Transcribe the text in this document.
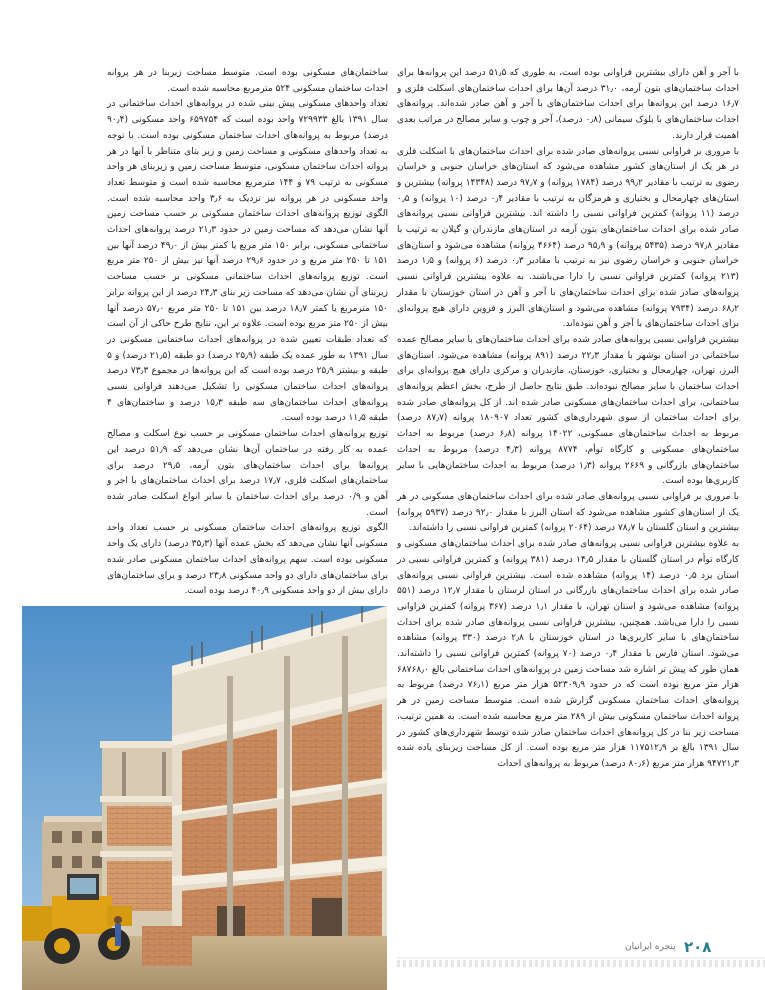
با آجر و آهن دارای بیشترین فراوانی بوده است، به طوری که ۵۱٫۵ درصد این پروانه‌ها برای احداث ساختمان‌های بتون آرمه، ۳۱٫۰ درصد آن‌ها برای احداث ساختمان‌های اسکلت فلزی و ۱۶٫۷ درصد این پروانه‌ها برای احداث ساختمان‌های با آجر و آهن صادر شده‌اند. پروانه‌های احداث ساختمان‌های با بلوک سیمانی (۰٫۸ درصد)، آجر و چوب و سایر مصالح در مراتب بعدی اهمیت قرار دارند.

با مروری بر فراوانی نسبی پروانه‌های صادر شده برای احداث ساختمان‌های با اسکلت فلزی در هر یک از استان‌های کشور مشاهده می‌شود که استان‌های خراسان جنوبی و خراسان رضوی به ترتیب با مقادیر ۹۹٫۲ درصد (۱۷۸۴ پروانه) و ۹۷٫۷ درصد (۱۴۳۴۸ پروانه) بیشترین و استان‌های چهارمحال و بختیاری و هرمزگان به ترتیب با مقادیر ۰٫۴ درصد (۱۰ پروانه) و ۰٫۵ درصد (۱۱ پروانه) کمترین فراوانی نسبی را داشته اند. بیشترین فراوانی نسبی پروانه‌های صادر شده برای احداث ساختمان‌های بتون آرمه در استان‌های مازندران و گیلان به ترتیب با مقادیر ۹۷٫۸ درصد (۵۴۳۵ پروانه) و ۹۵٫۹ درصد (۴۶۶۴ پروانه) مشاهده می‌شود و استان‌های خراسان جنوبی و خراسان رضوی نیز به ترتیب با مقادیر ۰٫۳ درصد (۶ پروانه) و ۱٫۵ درصد (۲۱۳ پروانه) کمترین فراوانی نسبی را دارا می‌باشند. به علاوه بیشترین فراوانی نسبی پروانه‌های صادر شده برای احداث ساختمان‌های با آجر و آهن در استان خوزستان با مقدار ۶۸٫۲ درصد (۷۹۳۴ پروانه) مشاهده می‌شود و استان‌های البرز و قزوین دارای هیچ پروانه‌ای برای احداث ساختمان‌های با آجر و آهن نبوده‌اند.

بیشترین فراوانی نسبی پروانه‌های صادر شده برای احداث ساختمان‌های با سایر مصالح عمده ساختمانی در استان بوشهر با مقدار ۲۲٫۳ درصد (۸۹۱ پروانه) مشاهده می‌شود. استان‌های البرز، تهران، چهارمحال و بختیاری، خوزستان، مازندران و مرکزی دارای هیچ پروانه‌ای برای احداث ساختمان با سایر مصالح نبوده‌اند. طبق نتایج حاصل از طرح، بخش اعظم پروانه‌های ساختمانی، برای احداث ساختمان‌های مسکونی صادر شده اند. از کل پروانه‌های صادر شده برای احداث ساختمان از سوی شهرداری‌های کشور تعداد ۱۸۰۹۰۷ پروانه (۸۷٫۷ درصد) مربوط به احداث ساختمان‌های مسکونی، ۱۴۰۲۲ پروانه (۶٫۸ درصد) مربوط به احداث ساختمان‌های مسکونی و کارگاه توأم، ۸۷۷۴ پروانه (۴٫۳ درصد) مربوط به احداث ساختمان‌های بازرگانی و ۲۶۶۹ پروانه (۱٫۳ درصد) مربوط به احداث ساختمان‌هایی با سایر کاربری‌ها بوده است.

با مروری بر فراوانی نسبی پروانه‌های صادر شده برای احداث ساختمان‌های مسکونی در هر یک از استان‌های کشور مشاهده می‌شود که استان البرز با مقدار ۹۲٫۰ درصد (۵۹۳۷ پروانه) بیشترین و استان گلستان با ۷۸٫۷ درصد (۲۰۶۴ پروانه) کمترین فراوانی نسبی را داشته‌اند.

به علاوه بیشترین فراوانی نسبی پروانه‌های صادر شده برای احداث ساختمان‌های مسکونی و کارگاه توأم در استان گلستان با مقدار ۱۴٫۵ درصد (۳۸۱ پروانه) و کمترین فراوانی نسبی در استان یزد ۰٫۵ درصد (۱۴ پروانه) مشاهده شده است. بیشترین فراوانی نسبی پروانه‌های صادر شده برای احداث ساختمان‌های بازرگانی در استان لرستان با مقدار ۱۲٫۷ درصد (۵۵۱ پروانه) مشاهده می‌شود و استان تهران، با مقدار ۱٫۱ درصد (۳۶۷ پروانه) کمترین فراوانی نسبی را دارا می‌باشد. همچنین، بیشترین فراوانی نسبی پروانه‌های صادر شده برای احداث ساختمان‌های با سایر کاربری‌ها در استان خوزستان با ۲٫۸ درصد (۳۳۰ پروانه) مشاهده می‌شود. استان فارس با مقدار ۰٫۴ درصد (۷۰ پروانه) کمترین فراوانی نسبی را داشته‌اند. همان طور که پیش تر اشاره شد مساحت زمین در پروانه‌های احداث ساختمانی بالغ ۶۸۷۶۸٫۰ هزار متر مربع بوده است که در حدود ۵۲۳۰۹٫۹ هزار متر مربع (۷۶٫۱ درصد) مربوط به پروانه‌های احداث ساختمان مسکونی گزارش شده است. متوسط مساحت زمین در هر پروانه احداث ساختمان مسکونی بیش از ۲۸۹ متر مربع محاسبه شده است. به همین ترتیب، مساحت زیر بنا در کل پروانه‌های احداث ساختمان صادر شده توسط شهرداری‌های کشور در سال ۱۳۹۱ بالغ بر ۱۱۷۵۱۲٫۹ هزار متر مربع بوده است. از کل مساحت زیربنای یاده شده ۹۴۷۲۱٫۳ هزار متر مربع (۸۰٫۶ درصد) مربوط به پروانه‌های احداث

ساختمان‌های مسکونی بوده است. متوسط مساحت زیربنا در هر پروانه احداث ساختمان مسکونی ۵۲۴ مترمربع محاسبه شده است.

تعداد واحدهای مسکونی پیش بینی شده در پروانه‌های احداث ساختمانی در سال ۱۳۹۱ بالغ ۷۲۹۹۳۳ واحد بوده است که ۶۵۹۷۵۴ واحد مسکونی (۹۰٫۴ درصد) مربوط به پروانه‌های احداث ساختمان مسکونی بوده است. با توجه به تعداد واحدهای مسکونی و مساحت زمین و زیر بنای متناظر با آنها در هر پروانه احداث ساختمان مسکونی، متوسط مساحت زمین و زیربنای هر واحد مسکونی به ترتیب ۷۹ و ۱۴۴ مترمربع محاسبه شده است و متوسط تعداد واحد مسکونی در هر پروانه نیز نزدیک به ۳٫۶ واحد محاسبه شده است. الگوی توزیع پروانه‌های احداث ساختمان مسکونی بر حسب مساحت زمین آنها نشان می‌دهد که مساحت زمین در حدود ۲۱٫۳ درصد پروانه‌های احداث ساختمانی مسکونی، برابر ۱۵۰ متر مربع یا کمتر بیش از ۴۹٫۰ درصد آنها بین ۱۵۱ تا ۲۵۰ متر مربع و در حدود ۲۹٫۶ درصد آنها نیز بیش از ۲۵۰ متر مربع است. توزیع پروانه‌های احداث ساختمانی مسکونی بر حسب مساحت زیربنای آن نشان می‌دهد که مساحت زیر بنای ۲۴٫۳ درصد از این پروانه برابر ۱۵۰ مترمربع یا کمتر ۱۸٫۷ درصد بین ۱۵۱ تا ۲۵۰ متر مربع ۵۷٫۰ درصد آنها بیش از ۲۵۰ متر مربع بوده است. علاوه بر این، نتایج طرح حاکی از آن است که تعداد طبقات تعیین شده در پروانه‌های احداث ساختمانی مسکونی در سال ۱۳۹۱ به طور عمده یک طبقه (۲۵٫۹ درصد) دو طبقه (۲۱٫۵ درصد) و ۵ طبقه و بیشتر ۲۵٫۹ درصد بوده است که این پروانه‌ها در مجموع ۷۳٫۳ درصد پروانه‌های احداث ساختمان مسکونی را تشکیل می‌دهند فراوانی نسبی پروانه‌های احداث ساختمان‌های سه طبقه ۱۵٫۳ درصد و ساختمان‌های ۴ طبقه ۱۱٫۵ درصد بوده است.

توزیع پروانه‌های احداث ساختمان مسکونی بر حسب نوع اسکلت و مصالح عمده به کار رفته در ساختمان آن‌ها نشان می‌دهد که ۵۱٫۹ درصد این پروانه‌ها برای احداث ساختمان‌های بتون آرمه، ۲۹٫۵ درصد برای ساختمان‌های اسکلت فلزی، ۱۷٫۷ درصد برای احداث ساختمان‌های با اجر و آهن و ۰/۹ درصد برای احداث ساختمان با سایر انواع اسکلت صادر شده است.

الگوی توزیع پروانه‌های احداث ساختمان مسکونی بر حسب تعداد واحد مسکونی آنها نشان می‌دهد که بخش عمده آنها (۳۵٫۳ درصد) دارای یک واحد مسکونی بوده است. سهم پروانه‌های احداث ساختمان مسکونی صادر شده برای ساختمان‌های دارای دو واحد مسکونی ۲۳٫۸ درصد و برای ساختمان‌های دارای بیش از دو واحد مسکونی ۴۰٫۹ درصد بوده است.

۲۰۸
پنجره ایرانیان
